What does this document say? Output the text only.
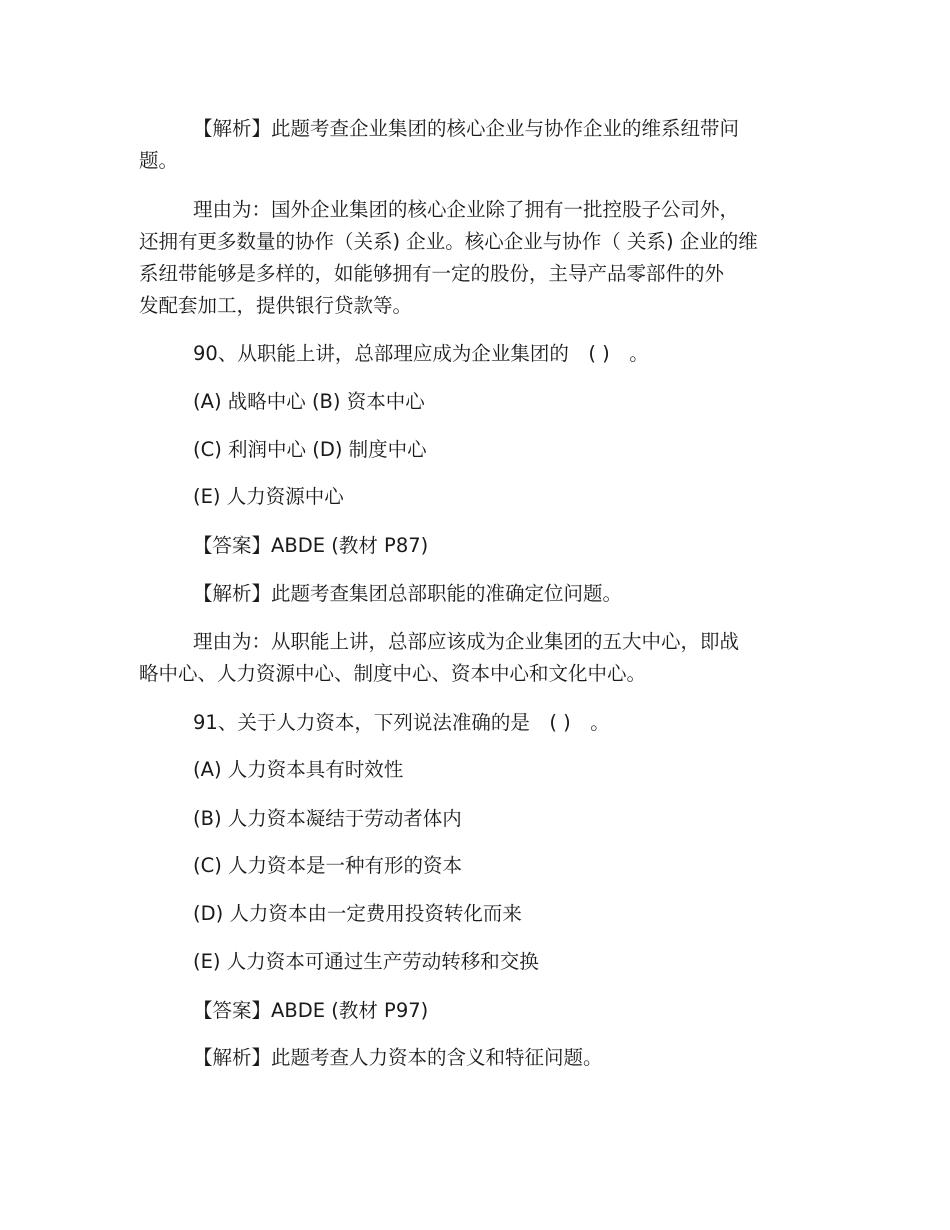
【解析】此题考查企业集团的核心企业与协作企业的维系纽带问
题。
理由为：国外企业集团的核心企业除了拥有一批控股子公司外，
还拥有更多数量的协作（关系) 企业。核心企业与协作（ 关系) 企业的维
系纽带能够是多样的，如能够拥有一定的股份，主导产品零部件的外
发配套加工，提供银行贷款等。
90、从职能上讲，总部理应成为企业集团的　( )　。
(A) 战略中心 (B) 资本中心
(C) 利润中心 (D) 制度中心
(E) 人力资源中心
【答案】ABDE (教材 P87)
【解析】此题考查集团总部职能的准确定位问题。
理由为：从职能上讲，总部应该成为企业集团的五大中心，即战
略中心、人力资源中心、制度中心、资本中心和文化中心。
91、关于人力资本，下列说法准确的是　( )　。
(A) 人力资本具有时效性
(B) 人力资本凝结于劳动者体内
(C) 人力资本是一种有形的资本
(D) 人力资本由一定费用投资转化而来
(E) 人力资本可通过生产劳动转移和交换
【答案】ABDE (教材 P97)
【解析】此题考查人力资本的含义和特征问题。
